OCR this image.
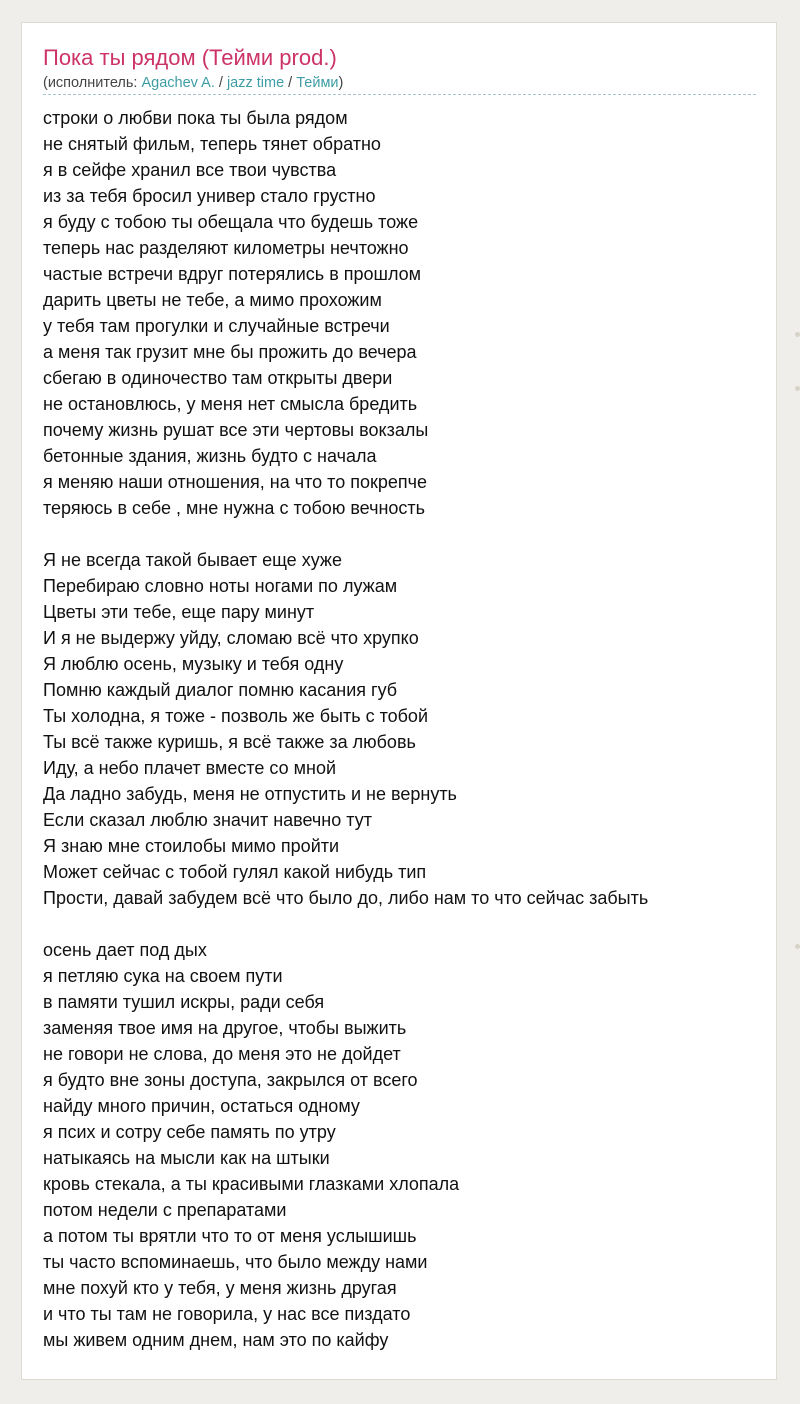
Пока ты рядом (Тейми prod.)

(исполнитель: Agachev A. / jazz time / Тейми)

строки о любви пока ты была рядом
не снятый фильм, теперь тянет обратно
я в сейфе хранил все твои чувства
из за тебя бросил универ стало грустно
я буду с тобою ты обещала что будешь тоже
теперь нас разделяют километры нечтожно
частые встречи вдруг потерялись в прошлом
дарить цветы не тебе, а мимо прохожим
у тебя там прогулки и случайные встречи
а меня так грузит мне бы прожить до вечера
сбегаю в одиночество там открыты двери
не остановлюсь, у меня нет смысла бредить
почему жизнь рушат все эти чертовы вокзалы
бетонные здания, жизнь будто с начала
я меняю наши отношения, на что то покрепче
теряюсь в себе , мне нужна с тобою вечность
Я не всегда такой бывает еще хуже
Перебираю словно ноты ногами по лужам
Цветы эти тебе, еще пару минут
И я не выдержу уйду, сломаю всё что хрупко
Я люблю осень, музыку и тебя одну
Помню каждый диалог помню касания губ
Ты холодна, я тоже - позволь же быть с тобой
Ты всё также куришь, я всё также за любовь
Иду, а небо плачет вместе со мной
Да ладно забудь, меня не отпустить и не вернуть
Если сказал люблю значит навечно тут
Я знаю мне стоилобы мимо пройти
Может сейчас с тобой гулял какой нибудь тип
Прости, давай забудем всё что было до, либо нам то что сейчас забыть
осень дает под дых
я петляю сука на своем пути
в памяти тушил искры, ради себя
заменяя твое имя на другое, чтобы выжить
не говори не слова, до меня это не дойдет
я будто вне зоны доступа, закрылся от всего
найду много причин, остаться одному
я псих и сотру себе память по утру
натыкаясь на мысли как на штыки
кровь стекала, а ты красивыми глазками хлопала
потом недели с препаратами
а потом ты врятли что то от меня услышишь
ты часто вспоминаешь, что было между нами
мне похуй кто у тебя, у меня жизнь другая
и что ты там не говорила, у нас все пиздато
мы живем одним днем, нам это по кайфу
